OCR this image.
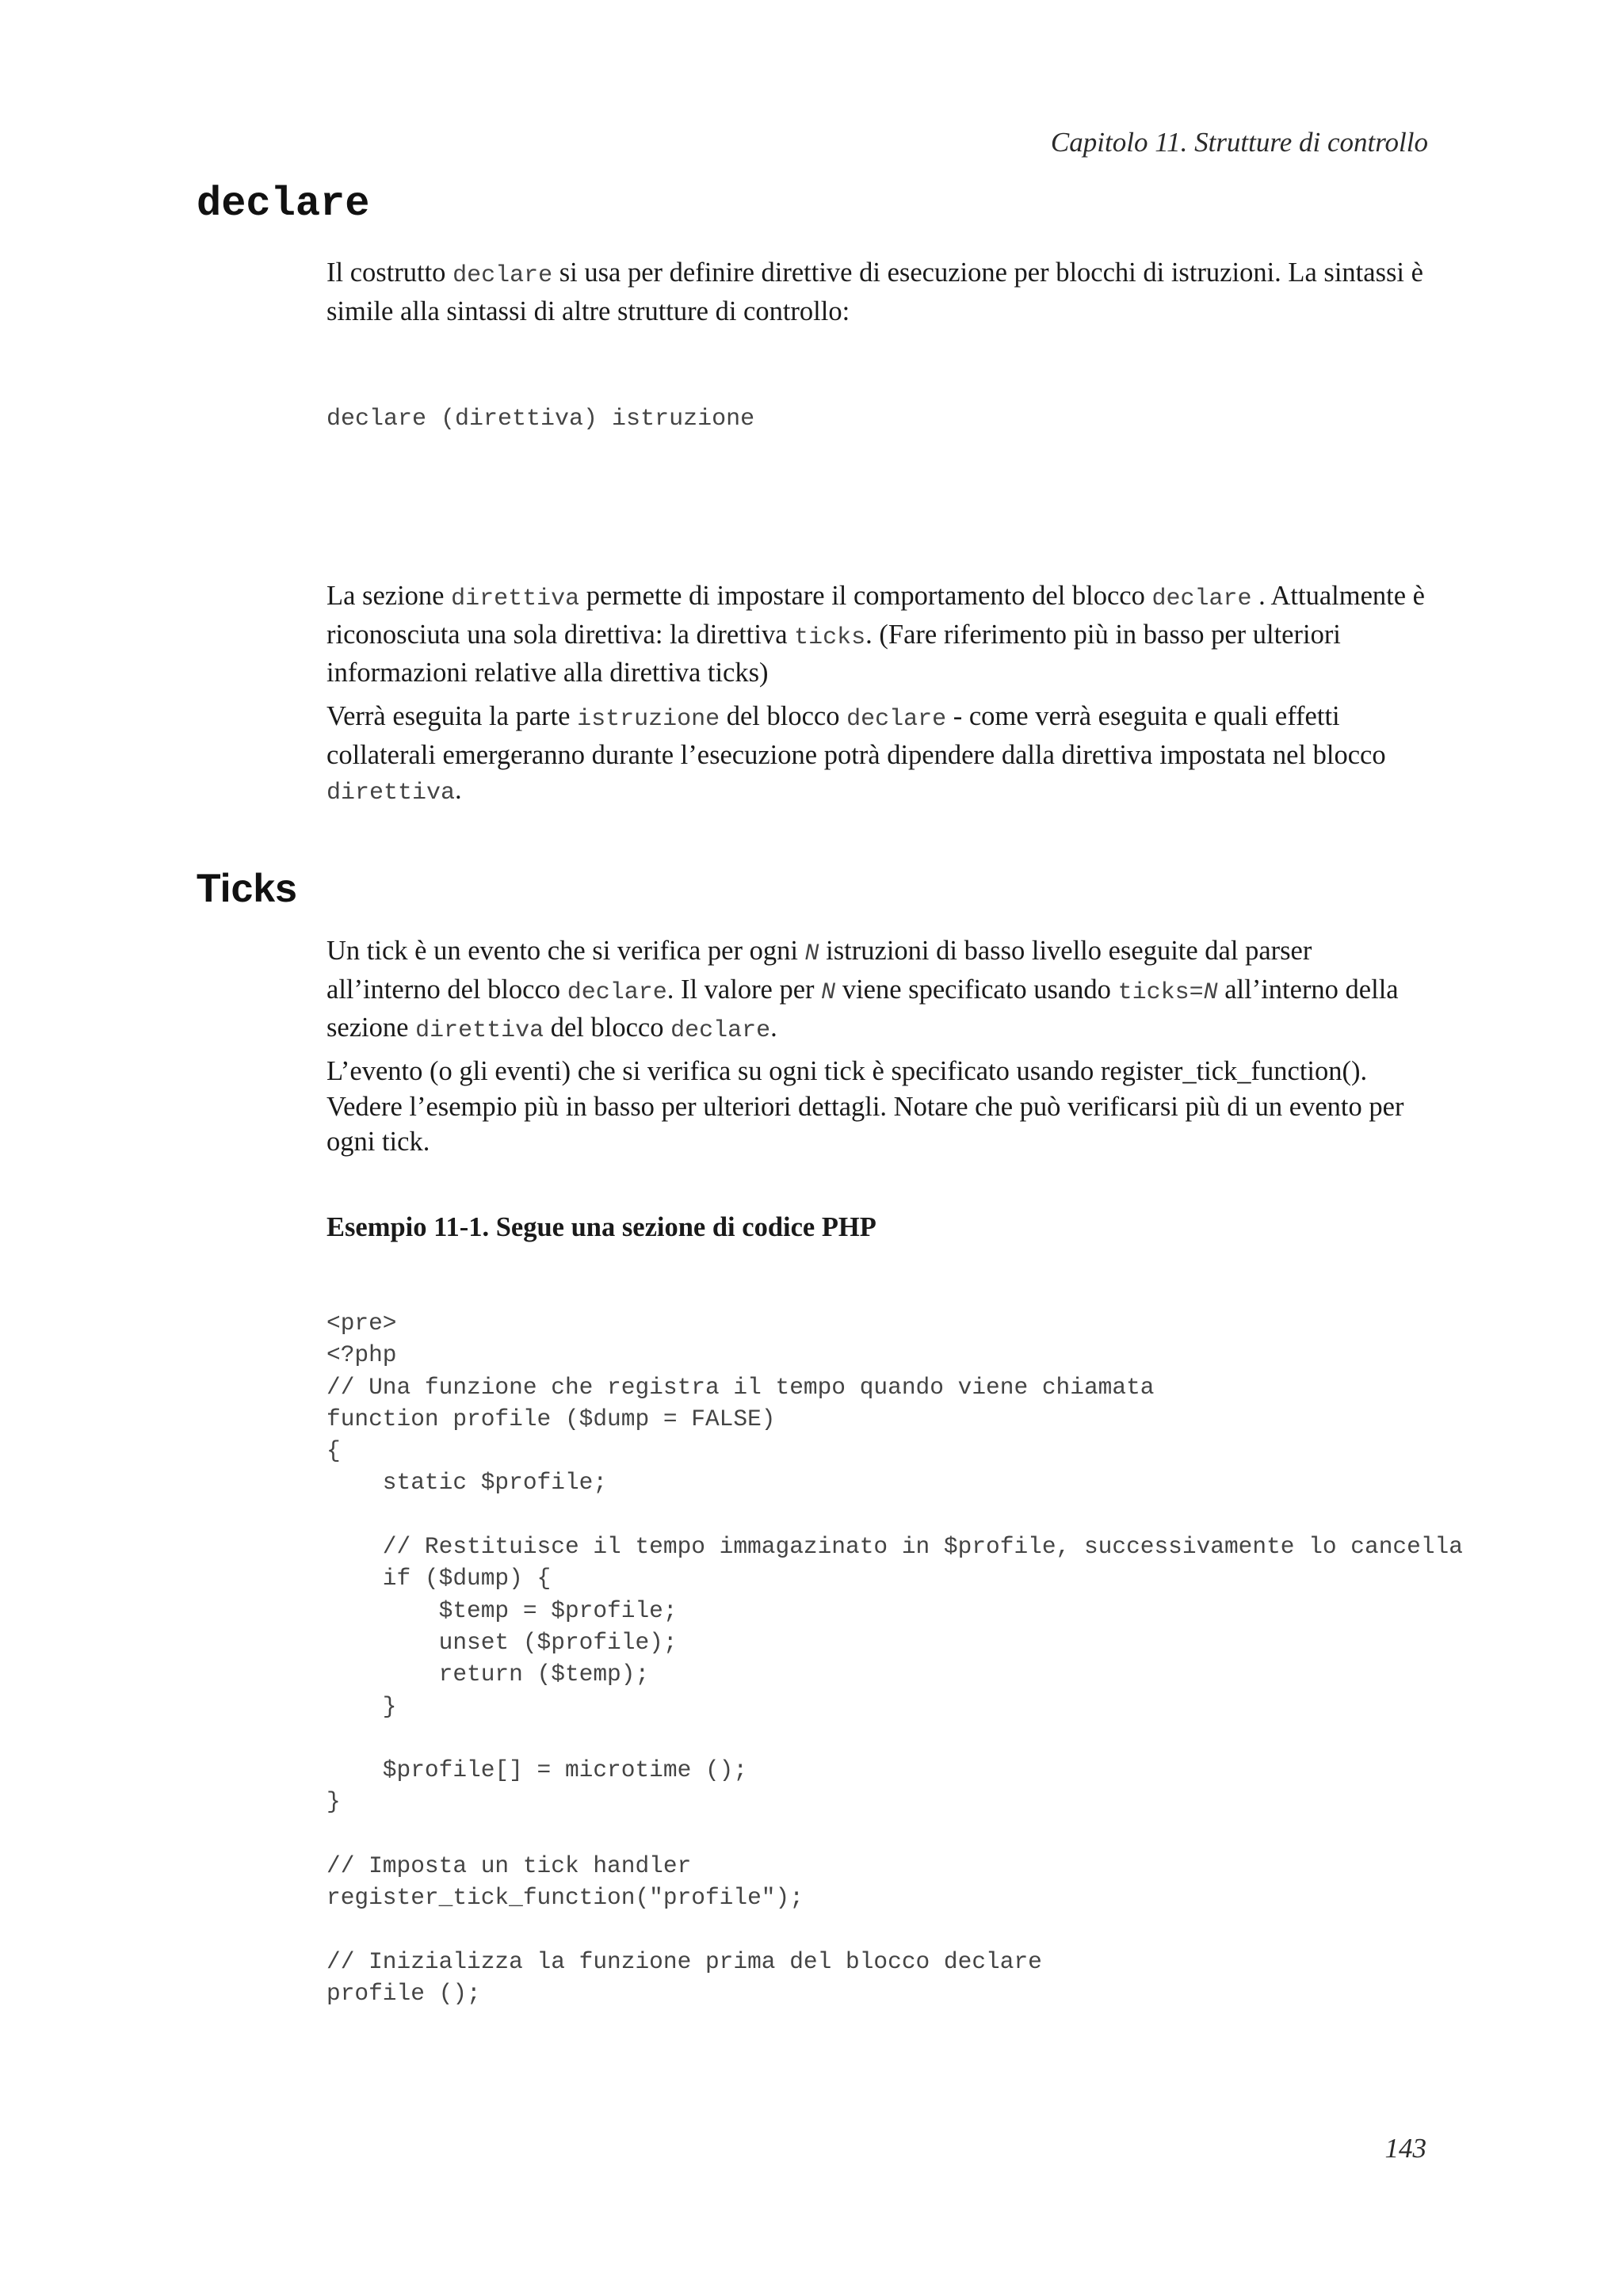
Capitolo 11. Strutture di controllo
declare

Il costrutto declare si usa per definire direttive di esecuzione per blocchi di istruzioni. La sintassi è simile alla sintassi di altre strutture di controllo:

declare (direttiva) istruzione

La sezione direttiva permette di impostare il comportamento del blocco declare . Attualmente è riconosciuta una sola direttiva: la direttiva ticks. (Fare riferimento più in basso per ulteriori informazioni relative alla direttiva ticks)

Verrà eseguita la parte istruzione del blocco declare - come verrà eseguita e quali effetti collaterali emergeranno durante l’esecuzione potrà dipendere dalla direttiva impostata nel blocco direttiva.

Ticks

Un tick è un evento che si verifica per ogni N istruzioni di basso livello eseguite dal parser all’interno del blocco declare. Il valore per N viene specificato usando ticks=N all’interno della sezione direttiva del blocco declare.

L’evento (o gli eventi) che si verifica su ogni tick è specificato usando register_tick_function(). Vedere l’esempio più in basso per ulteriori dettagli. Notare che può verificarsi più di un evento per ogni tick.

Esempio 11-1. Segue una sezione di codice PHP
<pre>
<?php
// Una funzione che registra il tempo quando viene chiamata
function profile ($dump = FALSE)
{
static $profile;

// Restituisce il tempo immagazinato in $profile, successivamente lo cancella
if ($dump) {
$temp = $profile;
unset ($profile);
return ($temp);
}

$profile[] = microtime ();
}

// Imposta un tick handler
register_tick_function("profile");

// Inizializza la funzione prima del blocco declare
profile ();
143
